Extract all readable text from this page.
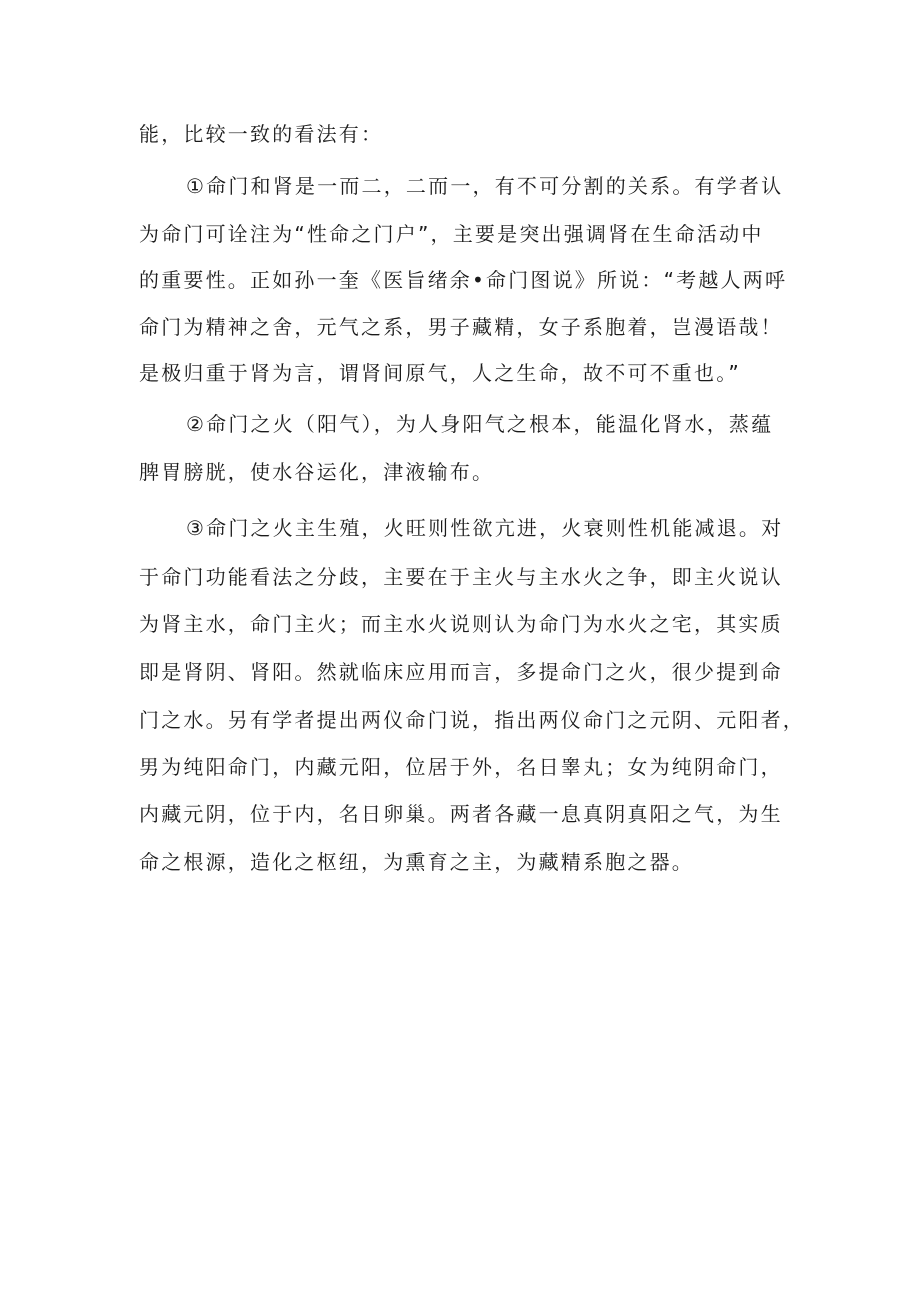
能，比较一致的看法有：

①命门和肾是一而二，二而一，有不可分割的关系。有学者认

为命门可诠注为“性命之门户”，主要是突出强调肾在生命活动中

的重要性。正如孙一奎《医旨绪余•命门图说》所说：“考越人两呼

命门为精神之舍，元气之系，男子藏精，女子系胞着，岂漫语哉！

是极归重于肾为言，谓肾间原气，人之生命，故不可不重也。”

②命门之火（阳气），为人身阳气之根本，能温化肾水，蒸蕴

脾胃膀胱，使水谷运化，津液输布。

③命门之火主生殖，火旺则性欲亢进，火衰则性机能减退。对

于命门功能看法之分歧，主要在于主火与主水火之争，即主火说认

为肾主水，命门主火；而主水火说则认为命门为水火之宅，其实质

即是肾阴、肾阳。然就临床应用而言，多提命门之火，很少提到命

门之水。另有学者提出两仪命门说，指出两仪命门之元阴、元阳者，

男为纯阳命门，内藏元阳，位居于外，名日睾丸；女为纯阴命门，

内藏元阴，位于内，名日卵巢。两者各藏一息真阴真阳之气，为生

命之根源，造化之枢纽，为熏育之主，为藏精系胞之器。
